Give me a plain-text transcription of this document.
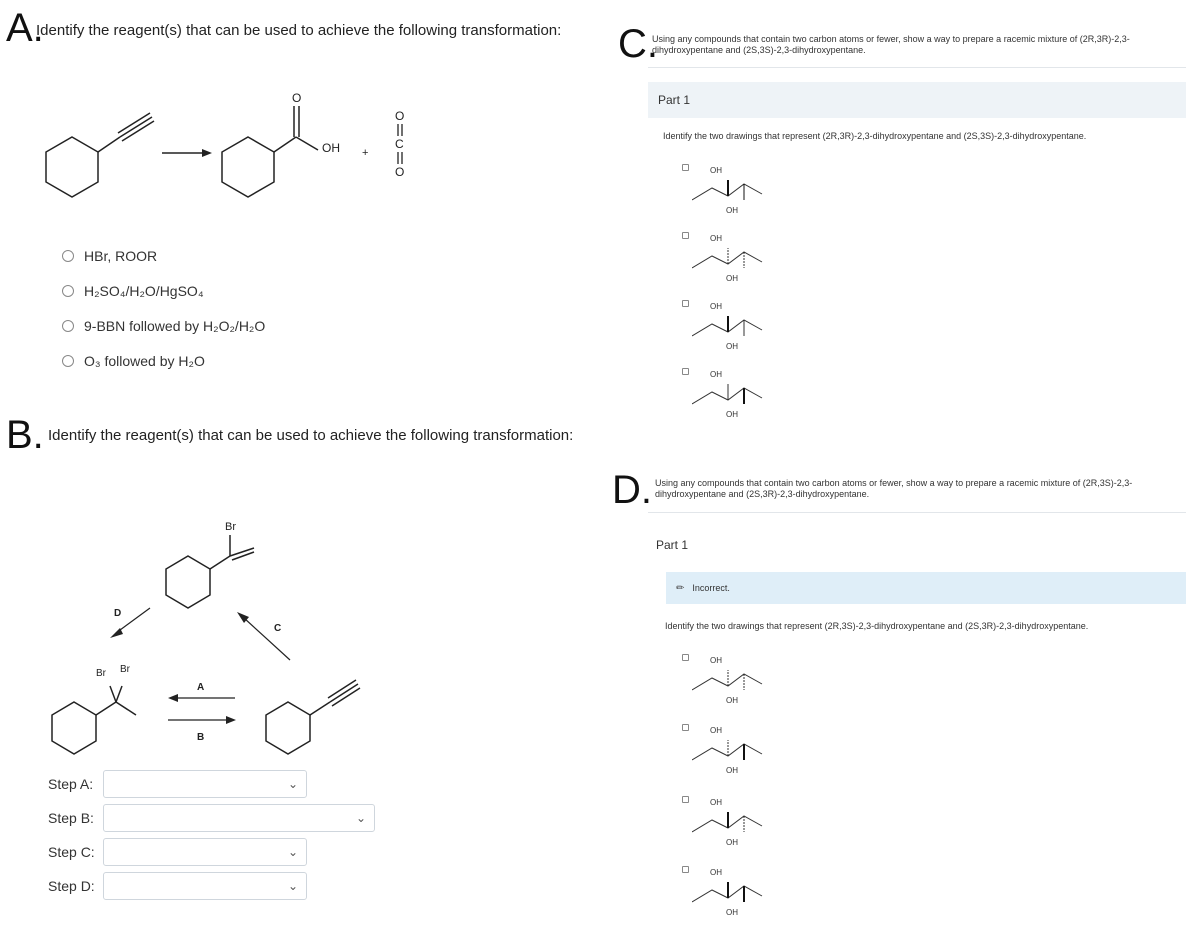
A.
Identify the reagent(s) that can be used to achieve the following transformation:
O
OH +
O
C
O
HBr, ROOR
H₂SO₄/H₂O/HgSO₄
9-BBN followed by H₂O₂/H₂O
O₃ followed by H₂O
B. Identify the reagent(s) that can be used to achieve the following transformation:
Br
D
C
Br Br
A
B
Step A:	⌄
Step B:	⌄
Step C:	⌄
Step D:	⌄
C.
Using any compounds that contain two carbon atoms or fewer, show a way to prepare a racemic mixture of (2R,3R)-2,3-dihydroxypentane and (2S,3S)-2,3-dihydroxypentane.
Part 1
Identify the two drawings that represent (2R,3R)-2,3-dihydroxypentane and (2S,3S)-2,3-dihydroxypentane.
OH
OH
OH
OH
OH
OH
OH
OH
D. Using any compounds that contain two carbon atoms or fewer, show a way to prepare a racemic mixture of (2R,3S)-2,3-dihydroxypentane and (2S,3R)-2,3-dihydroxypentane.
Part 1
✏ Incorrect.
Identify the two drawings that represent (2R,3S)-2,3-dihydroxypentane and (2S,3R)-2,3-dihydroxypentane.
OH
OH
OH
OH
OH
OH
OH
OH
